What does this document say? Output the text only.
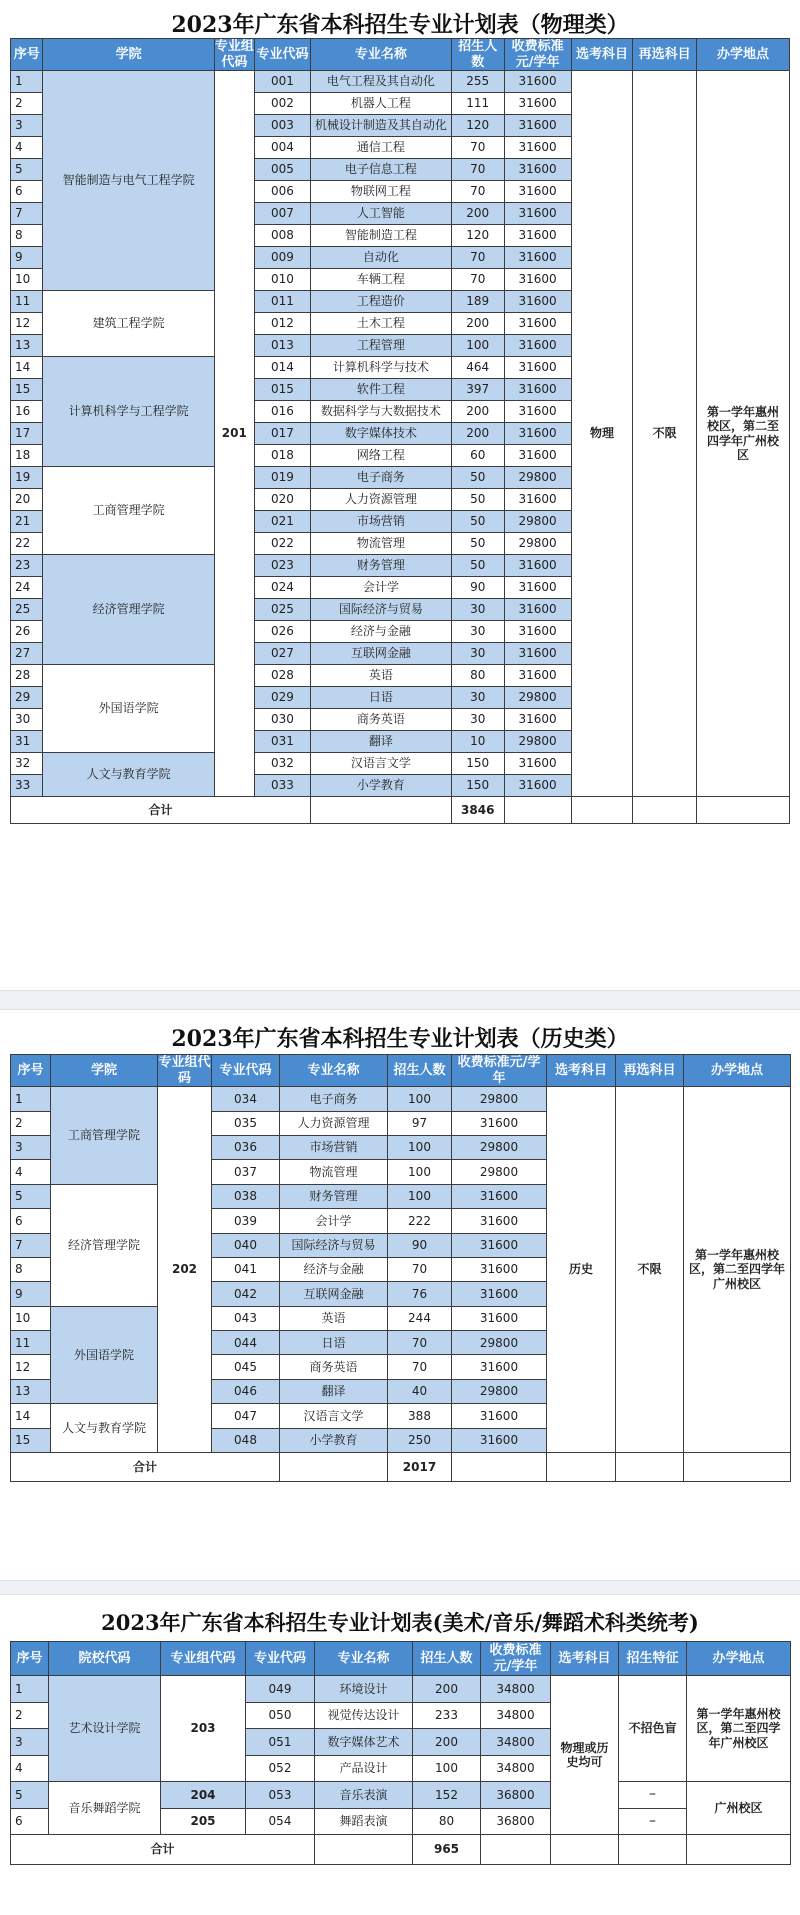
2023年广东省本科招生专业计划表（物理类）
序号	学院	专业组代码	专业代码	专业名称	招生人数	收费标准元/学年	选考科目	再选科目	办学地点
1	智能制造与电气工程学院	201	001	电气工程及其自动化	255	31600	物理	不限	第一学年惠州校区，第二至四学年广州校区
2			002	机器人工程	111	31600			
3			003	机械设计制造及其自动化	120	31600			
4			004	通信工程	70	31600			
5			005	电子信息工程	70	31600			
6			006	物联网工程	70	31600			
7			007	人工智能	200	31600			
8			008	智能制造工程	120	31600			
9			009	自动化	70	31600			
10			010	车辆工程	70	31600			
11	建筑工程学院		011	工程造价	189	31600			
12			012	土木工程	200	31600			
13			013	工程管理	100	31600			
14	计算机科学与工程学院		014	计算机科学与技术	464	31600			
15			015	软件工程	397	31600			
16			016	数据科学与大数据技术	200	31600			
17			017	数字媒体技术	200	31600			
18			018	网络工程	60	31600			
19	工商管理学院		019	电子商务	50	29800			
20			020	人力资源管理	50	31600			
21			021	市场营销	50	29800			
22			022	物流管理	50	29800			
23	经济管理学院		023	财务管理	50	31600			
24			024	会计学	90	31600			
25			025	国际经济与贸易	30	31600			
26			026	经济与金融	30	31600			
27			027	互联网金融	30	31600			
28	外国语学院		028	英语	80	31600			
29			029	日语	30	29800			
30			030	商务英语	30	31600			
31			031	翻译	10	29800			
32	人文与教育学院		032	汉语言文学	150	31600			
33			033	小学教育	150	31600			
合计					3846				
2023年广东省本科招生专业计划表（历史类）
序号	学院	专业组代码	专业代码	专业名称	招生人数	收费标准元/学年	选考科目	再选科目	办学地点
1	工商管理学院	202	034	电子商务	100	29800	历史	不限	第一学年惠州校区，第二至四学年广州校区
2			035	人力资源管理	97	31600			
3			036	市场营销	100	29800			
4			037	物流管理	100	29800			
5	经济管理学院		038	财务管理	100	31600			
6			039	会计学	222	31600			
7			040	国际经济与贸易	90	31600			
8			041	经济与金融	70	31600			
9			042	互联网金融	76	31600			
10	外国语学院		043	英语	244	31600			
11			044	日语	70	29800			
12			045	商务英语	70	31600			
13			046	翻译	40	29800			
14	人文与教育学院		047	汉语言文学	388	31600			
15			048	小学教育	250	31600			
合计					2017				
2023年广东省本科招生专业计划表(美术/音乐/舞蹈术科类统考)
序号	院校代码	专业组代码	专业代码	专业名称	招生人数	收费标准元/学年	选考科目	招生特征	办学地点
1	艺术设计学院	203	049	环境设计	200	34800	物理或历史均可	不招色盲	第一学年惠州校区，第二至四学年广州校区
2			050	视觉传达设计	233	34800			
3			051	数字媒体艺术	200	34800			
4			052	产品设计	100	34800			
5	音乐舞蹈学院	204	053	音乐表演	152	36800		–	广州校区
6		205	054	舞蹈表演	80	36800		–	
合计					965				
